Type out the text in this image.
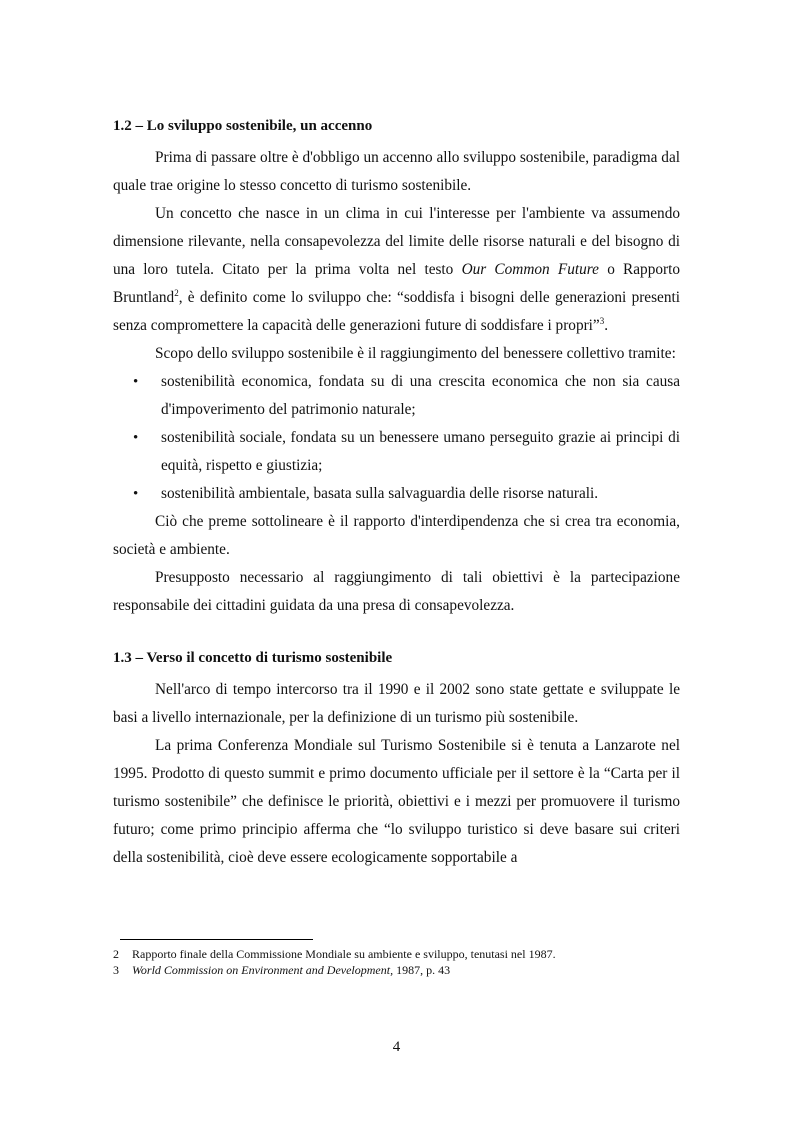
1.2 – Lo sviluppo sostenibile, un accenno

Prima di passare oltre è d'obbligo un accenno allo sviluppo sostenibile, paradigma dal quale trae origine lo stesso concetto di turismo sostenibile.

Un concetto che nasce in un clima in cui l'interesse per l'ambiente va assumendo dimensione rilevante, nella consapevolezza del limite delle risorse naturali e del bisogno di una loro tutela. Citato per la prima volta nel testo Our Common Future o Rapporto Bruntland$^2$, è definito come lo sviluppo che: “soddisfa i bisogni delle generazioni presenti senza compromettere la capacità delle generazioni future di soddisfare i propri”$^3$.

Scopo dello sviluppo sostenibile è il raggiungimento del benessere collettivo tramite:

• sostenibilità economica, fondata su di una crescita economica che non sia causa d'impoverimento del patrimonio naturale;
• sostenibilità sociale, fondata su un benessere umano perseguito grazie ai principi di equità, rispetto e giustizia;
• sostenibilità ambientale, basata sulla salvaguardia delle risorse naturali.

Ciò che preme sottolineare è il rapporto d'interdipendenza che si crea tra economia, società e ambiente.

Presupposto necessario al raggiungimento di tali obiettivi è la partecipazione responsabile dei cittadini guidata da una presa di consapevolezza.

1.3 – Verso il concetto di turismo sostenibile

Nell'arco di tempo intercorso tra il 1990 e il 2002 sono state gettate e sviluppate le basi a livello internazionale, per la definizione di un turismo più sostenibile.

La prima Conferenza Mondiale sul Turismo Sostenibile si è tenuta a Lanzarote nel 1995. Prodotto di questo summit e primo documento ufficiale per il settore è la “Carta per il turismo sostenibile” che definisce le priorità, obiettivi e i mezzi per promuovere il turismo futuro; come primo principio afferma che “lo sviluppo turistico si deve basare sui criteri della sostenibilità, cioè deve essere ecologicamente sopportabile a

2	Rapporto finale della Commissione Mondiale su ambiente e sviluppo, tenutasi nel 1987.
3	World Commission on Environment and Development, 1987, p. 43
4
